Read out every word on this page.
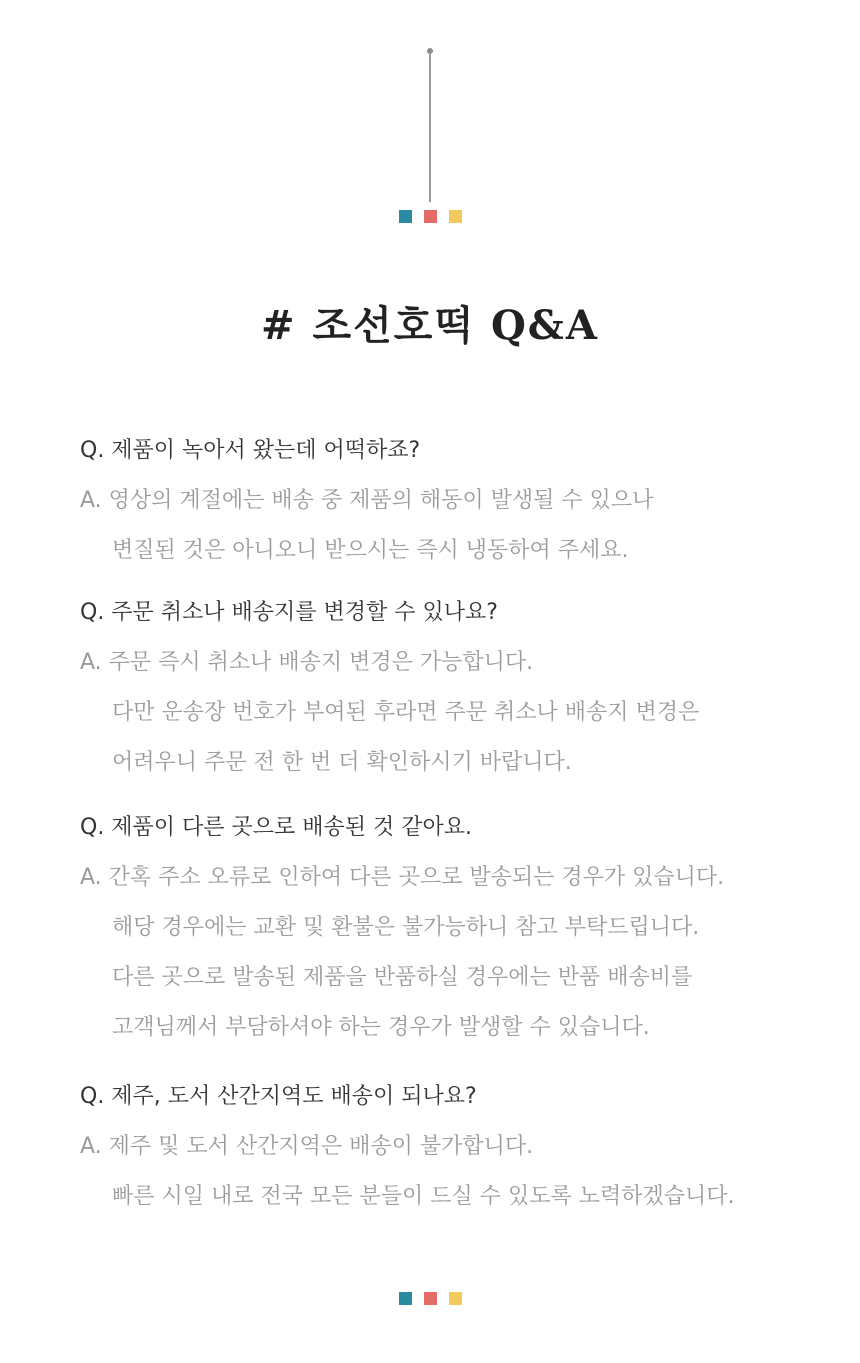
# 조선호떡 Q&A
Q. 제품이 녹아서 왔는데 어떡하죠?
A. 영상의 계절에는 배송 중 제품의 해동이 발생될 수 있으나
변질된 것은 아니오니 받으시는 즉시 냉동하여 주세요.
Q. 주문 취소나 배송지를 변경할 수 있나요?
A. 주문 즉시 취소나 배송지 변경은 가능합니다.
다만 운송장 번호가 부여된 후라면 주문 취소나 배송지 변경은
어려우니 주문 전 한 번 더 확인하시기 바랍니다.
Q. 제품이 다른 곳으로 배송된 것 같아요.
A. 간혹 주소 오류로 인하여 다른 곳으로 발송되는 경우가 있습니다.
해당 경우에는 교환 및 환불은 불가능하니 참고 부탁드립니다.
다른 곳으로 발송된 제품을 반품하실 경우에는 반품 배송비를
고객님께서 부담하셔야 하는 경우가 발생할 수 있습니다.
Q. 제주, 도서 산간지역도 배송이 되나요?
A. 제주 및 도서 산간지역은 배송이 불가합니다.
빠른 시일 내로 전국 모든 분들이 드실 수 있도록 노력하겠습니다.
